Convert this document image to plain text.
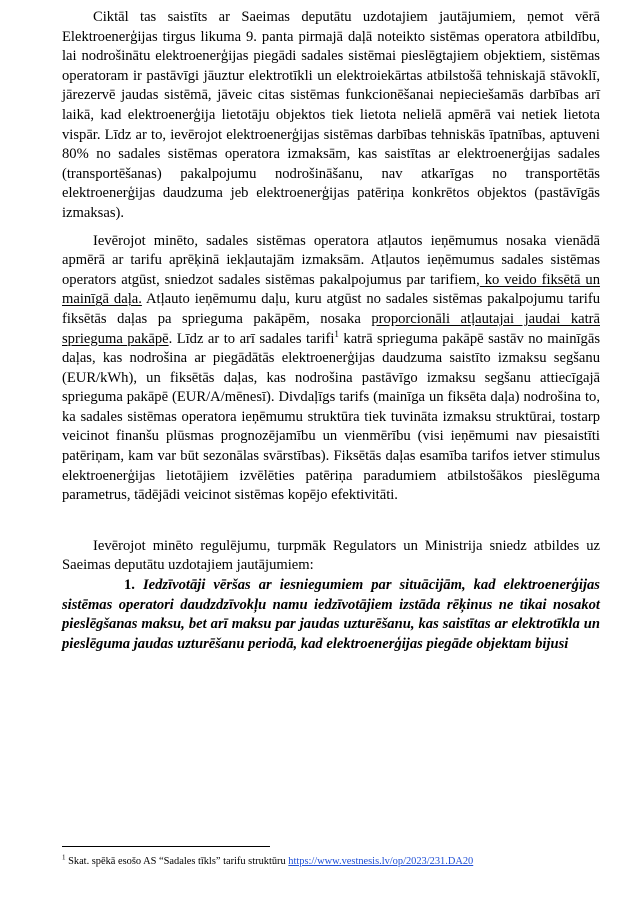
Ciktāl tas saistīts ar Saeimas deputātu uzdotajiem jautājumiem, ņemot vērā Elektroenerģijas tirgus likuma 9. panta pirmajā daļā noteikto sistēmas operatora atbildību, lai nodrošinātu elektroenerģijas piegādi sadales sistēmai pieslēgtajiem objektiem, sistēmas operatoram ir pastāvīgi jāuztur elektrotīkli un elektroiekārtas atbilstošā tehniskajā stāvoklī, jārezervē jaudas sistēmā, jāveic citas sistēmas funkcionēšanai nepieciešamās darbības arī laikā, kad elektroenerģija lietotāju objektos tiek lietota nelielā apmērā vai netiek lietota vispār. Līdz ar to, ievērojot elektroenerģijas sistēmas darbības tehniskās īpatnības, aptuveni 80% no sadales sistēmas operatora izmaksām, kas saistītas ar elektroenerģijas sadales (transportēšanas) pakalpojumu nodrošināšanu, nav atkarīgas no transportētās elektroenerģijas daudzuma jeb elektroenerģijas patēriņa konkrētos objektos (pastāvīgās izmaksas).

Ievērojot minēto, sadales sistēmas operatora atļautos ieņēmumus nosaka vienādā apmērā ar tarifu aprēķinā iekļautajām izmaksām. Atļautos ieņēmumus sadales sistēmas operators atgūst, sniedzot sadales sistēmas pakalpojumus par tarifiem, ko veido fiksētā un mainīgā daļa. Atļauto ieņēmumu daļu, kuru atgūst no sadales sistēmas pakalpojumu tarifu fiksētās daļas pa sprieguma pakāpēm, nosaka proporcionāli atļautajai jaudai katrā sprieguma pakāpē. Līdz ar to arī sadales tarifi$^1$ katrā sprieguma pakāpē sastāv no mainīgās daļas, kas nodrošina ar piegādātās elektroenerģijas daudzuma saistīto izmaksu segšanu (EUR/kWh), un fiksētās daļas, kas nodrošina pastāvīgo izmaksu segšanu attiecīgajā sprieguma pakāpē (EUR/A/mēnesī). Divdaļīgs tarifs (mainīga un fiksēta daļa) nodrošina to, ka sadales sistēmas operatora ieņēmumu struktūra tiek tuvināta izmaksu struktūrai, tostarp veicinot finanšu plūsmas prognozējamību un vienmērību (visi ieņēmumi nav piesaistīti patēriņam, kam var būt sezonālas svārstības). Fiksētās daļas esamība tarifos ietver stimulus elektroenerģijas lietotājiem izvēlēties patēriņa paradumiem atbilstošākos pieslēguma parametrus, tādējādi veicinot sistēmas kopējo efektivitāti.

Ievērojot minēto regulējumu, turpmāk Regulators un Ministrija sniedz atbildes uz Saeimas deputātu uzdotajiem jautājumiem:

1. Iedzīvotāji vēršas ar iesniegumiem par situācijām, kad elektroenerģijas sistēmas operatori daudzdzīvokļu namu iedzīvotājiem izstāda rēķinus ne tikai nosakot pieslēgšanas maksu, bet arī maksu par jaudas uzturēšanu, kas saistītas ar elektrotīkla un pieslēguma jaudas uzturēšanu periodā, kad elektroenerģijas piegāde objektam bijusi

$^1$ Skat. spēkā esošo AS “Sadales tīkls” tarifu struktūru https://www.vestnesis.lv/op/2023/231.DA20
